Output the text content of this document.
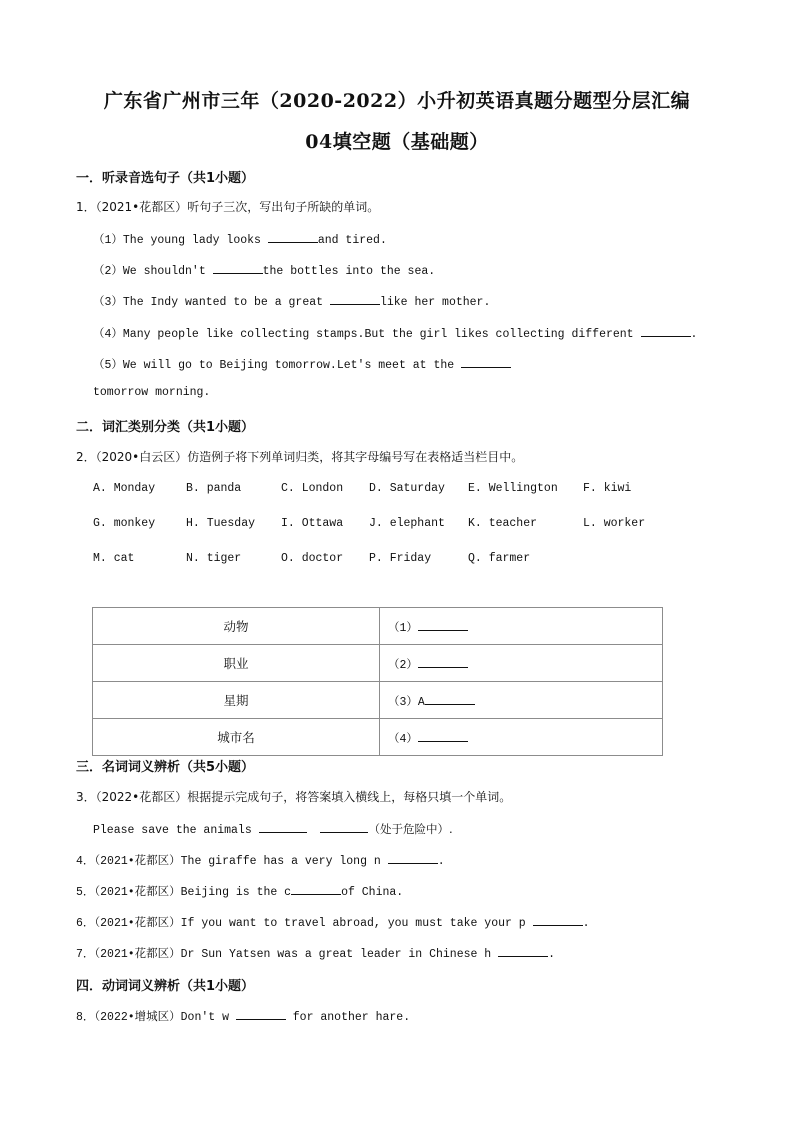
广东省广州市三年（2020-2022）小升初英语真题分题型分层汇编
04填空题（基础题）
一．听录音选句子（共1小题）
1．（2021•花都区）听句子三次，写出句子所缺的单词。
（1）The young lady looks	and tired.
（2）We shouldn't	the bottles into the sea.
（3）The Indy wanted to be a great	like her mother.
（4）Many people like collecting stamps.But the girl likes collecting different	.
（5）We will go to Beijing tomorrow.Let's meet at the
tomorrow morning.
二．词汇类别分类（共1小题）
2．（2020•白云区）仿造例子将下列单词归类，将其字母编号写在表格适当栏目中。
A. Monday	B. panda	C. London D. Saturday E. Wellington F. kiwi
G. monkey	H. Tuesday I. Ottawa J. elephant K. teacher	L. worker
M. cat	N. tiger	O. doctor P. Friday	Q. farmer
动物	（1）
职业	（2）
星期	（3）A
城市名	（4）
三．名词词义辨析（共5小题）
3．（2022•花都区）根据提示完成句子，将答案填入横线上，每格只填一个单词。
Please save the animals	（处于危险中）.
4．（2021•花都区）The giraffe has a very long n	.
5．（2021•花都区）Beijing is the c	of China.
6．（2021•花都区）If you want to travel abroad, you must take your p	.
7．（2021•花都区）Dr Sun Yatsen was a great leader in Chinese h	.
四．动词词义辨析（共1小题）
8．（2022•增城区）Don't w	for another hare.
